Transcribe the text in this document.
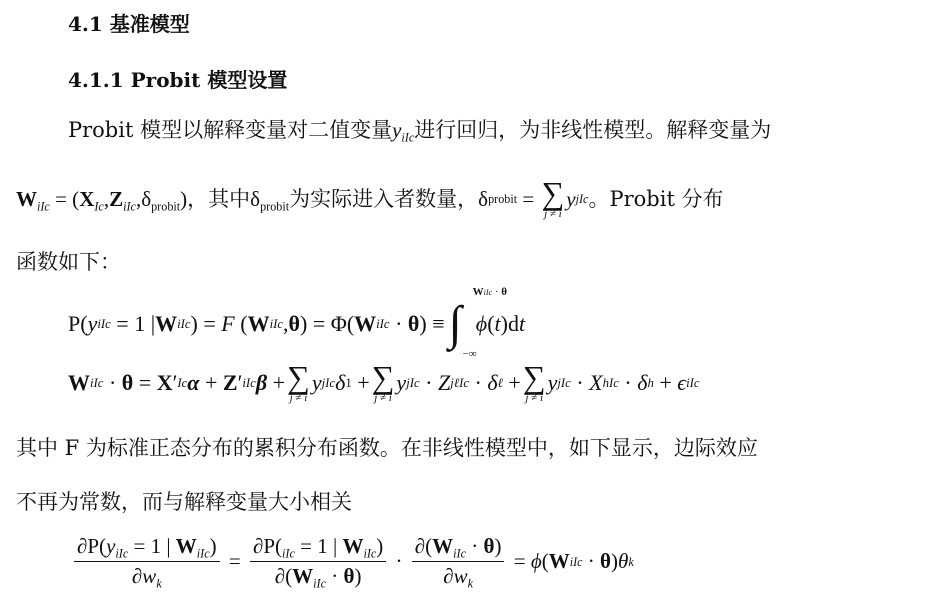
4.1 基准模型
4.1.1 Probit 模型设置
Probit 模型以解释变量对二值变量$y_{iIc}$进行回归，为非线性模型。解释变量为
$W_{iIc} = (X_{Ic},Z_{iIc},\delta_{probit})$ ，其中 $\delta_{probit}$ 为实际进入者数量， δ probit = ∑
j ≠ i
y jIc 。Probit 分布
函数如下：
P( y iIc = 1 | W iIc ) = F ( W iIc , θ ) = Φ( W iIc · θ ) ≡ ∫
WiIc · θ
−∞
ϕ ( t )d t
W iIc · θ = X ′ Ic α + Z ′ iIc β + ∑
j ≠ i
y jIc δ 1 + ∑
j ≠ i
y jIc · Z jℓIc · δ ℓ + ∑
j ≠ i
y jIc · X hIc · δ h + ϵ iIc
其中 F 为标准正态分布的累积分布函数。在非线性模型中，如下显示，边际效应
不再为常数，而与解释变量大小相关
$\frac{\partial P(y_{iIc} = 1 | W_{iIc})}{\partial w_k} = \frac{\partial P(_{iIc} = 1 | W_{iIc})}{\partial(W_{iIc} \cdot \theta)} \cdot \frac{\partial(W_{iIc} \cdot \theta)}{\partial w_k} = \phi$ ( W iIc · θ ) θ k
